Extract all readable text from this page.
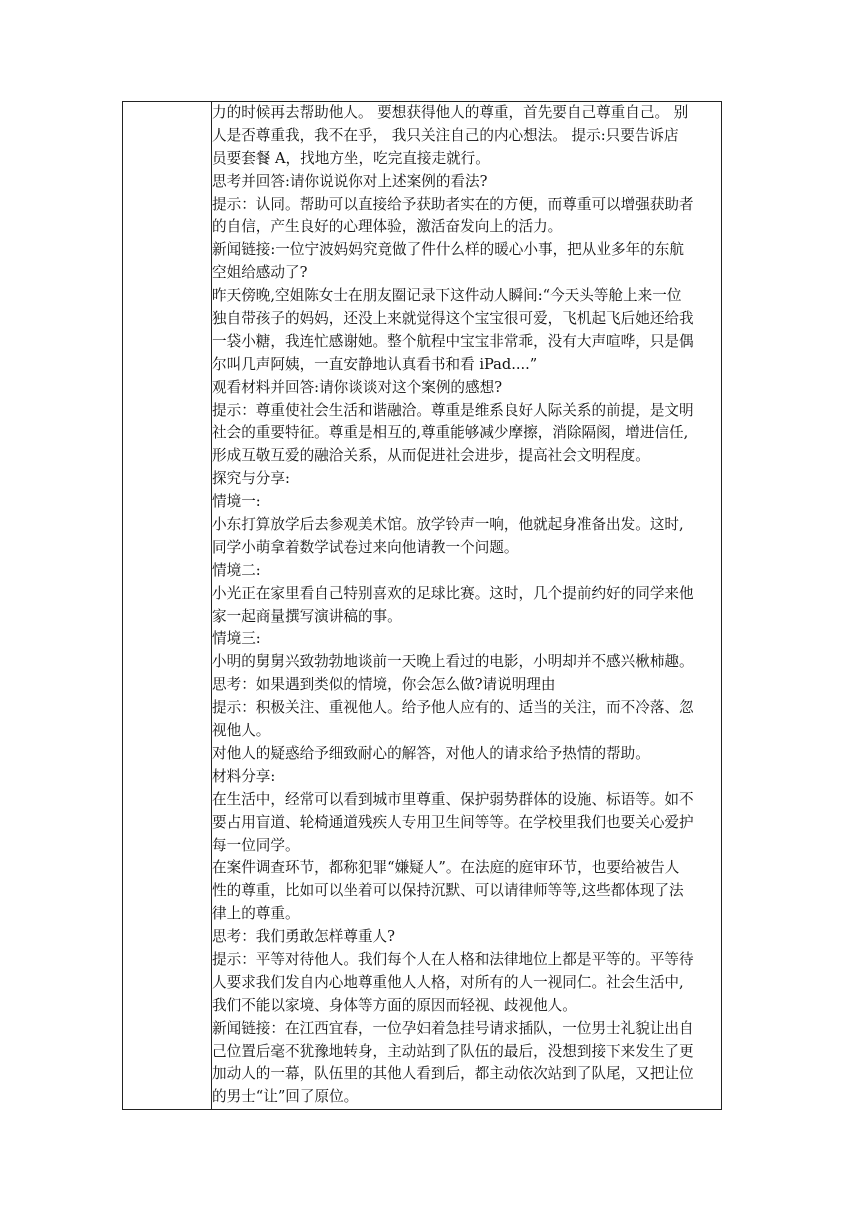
力的时候再去帮助他人。 要想获得他人的尊重，首先要自己尊重自己。 别
人是否尊重我，我不在乎， 我只关注自己的内心想法。 提示:只要告诉店
员要套餐 A，找地方坐，吃完直接走就行。
思考并回答:请你说说你对上述案例的看法?
提示：认同。帮助可以直接给予获助者实在的方便，而尊重可以增强获助者
的自信，产生良好的心理体验，激活奋发向上的活力。
新闻链接:一位宁波妈妈究竟做了件什么样的暖心小事，把从业多年的东航
空姐给感动了?
昨天傍晚,空姐陈女士在朋友圈记录下这件动人瞬间:“今天头等舱上来一位
独自带孩子的妈妈，还没上来就觉得这个宝宝很可爱，飞机起飞后她还给我
一袋小糖，我连忙感谢她。整个航程中宝宝非常乖，没有大声喧哗，只是偶
尔叫几声阿姨，一直安静地认真看书和看 iPad....”
观看材料并回答:请你谈谈对这个案例的感想?
提示：尊重使社会生活和谐融洽。尊重是维系良好人际关系的前提，是文明
社会的重要特征。尊重是相互的,尊重能够减少摩擦，消除隔阂，增进信任,
形成互敬互爱的融洽关系，从而促进社会进步，提高社会文明程度。
探究与分享:
情境一:
小东打算放学后去参观美术馆。放学铃声一响，他就起身准备出发。这时,
同学小萌拿着数学试卷过来向他请教一个问题。
情境二:
小光正在家里看自己特别喜欢的足球比赛。这时，几个提前约好的同学来他
家一起商量撰写演讲稿的事。
情境三:
小明的舅舅兴致勃勃地谈前一天晚上看过的电影，小明却并不感兴楸柿趣。
思考：如果遇到类似的情境，你会怎么做?请说明理由
提示：积极关注、重视他人。给予他人应有的、适当的关注，而不冷落、忽
视他人。
对他人的疑惑给予细致耐心的解答，对他人的请求给予热情的帮助。
材料分享:
在生活中，经常可以看到城市里尊重、保护弱势群体的设施、标语等。如不
要占用盲道、轮椅通道残疾人专用卫生间等等。在学校里我们也要关心爱护
每一位同学。
在案件调查环节，都称犯罪“嫌疑人”。在法庭的庭审环节，也要给被告人
性的尊重，比如可以坐着可以保持沉默、可以请律师等等,这些都体现了法
律上的尊重。
思考：我们勇敢怎样尊重人?
提示：平等对待他人。我们每个人在人格和法律地位上都是平等的。平等待
人要求我们发自内心地尊重他人人格，对所有的人一视同仁。社会生活中,
我们不能以家境、身体等方面的原因而轻视、歧视他人。
新闻链接：在江西宜春，一位孕妇着急挂号请求插队，一位男士礼貌让出自
己位置后毫不犹豫地转身，主动站到了队伍的最后，没想到接下来发生了更
加动人的一幕，队伍里的其他人看到后，都主动依次站到了队尾，又把让位
的男士“让”回了原位。
